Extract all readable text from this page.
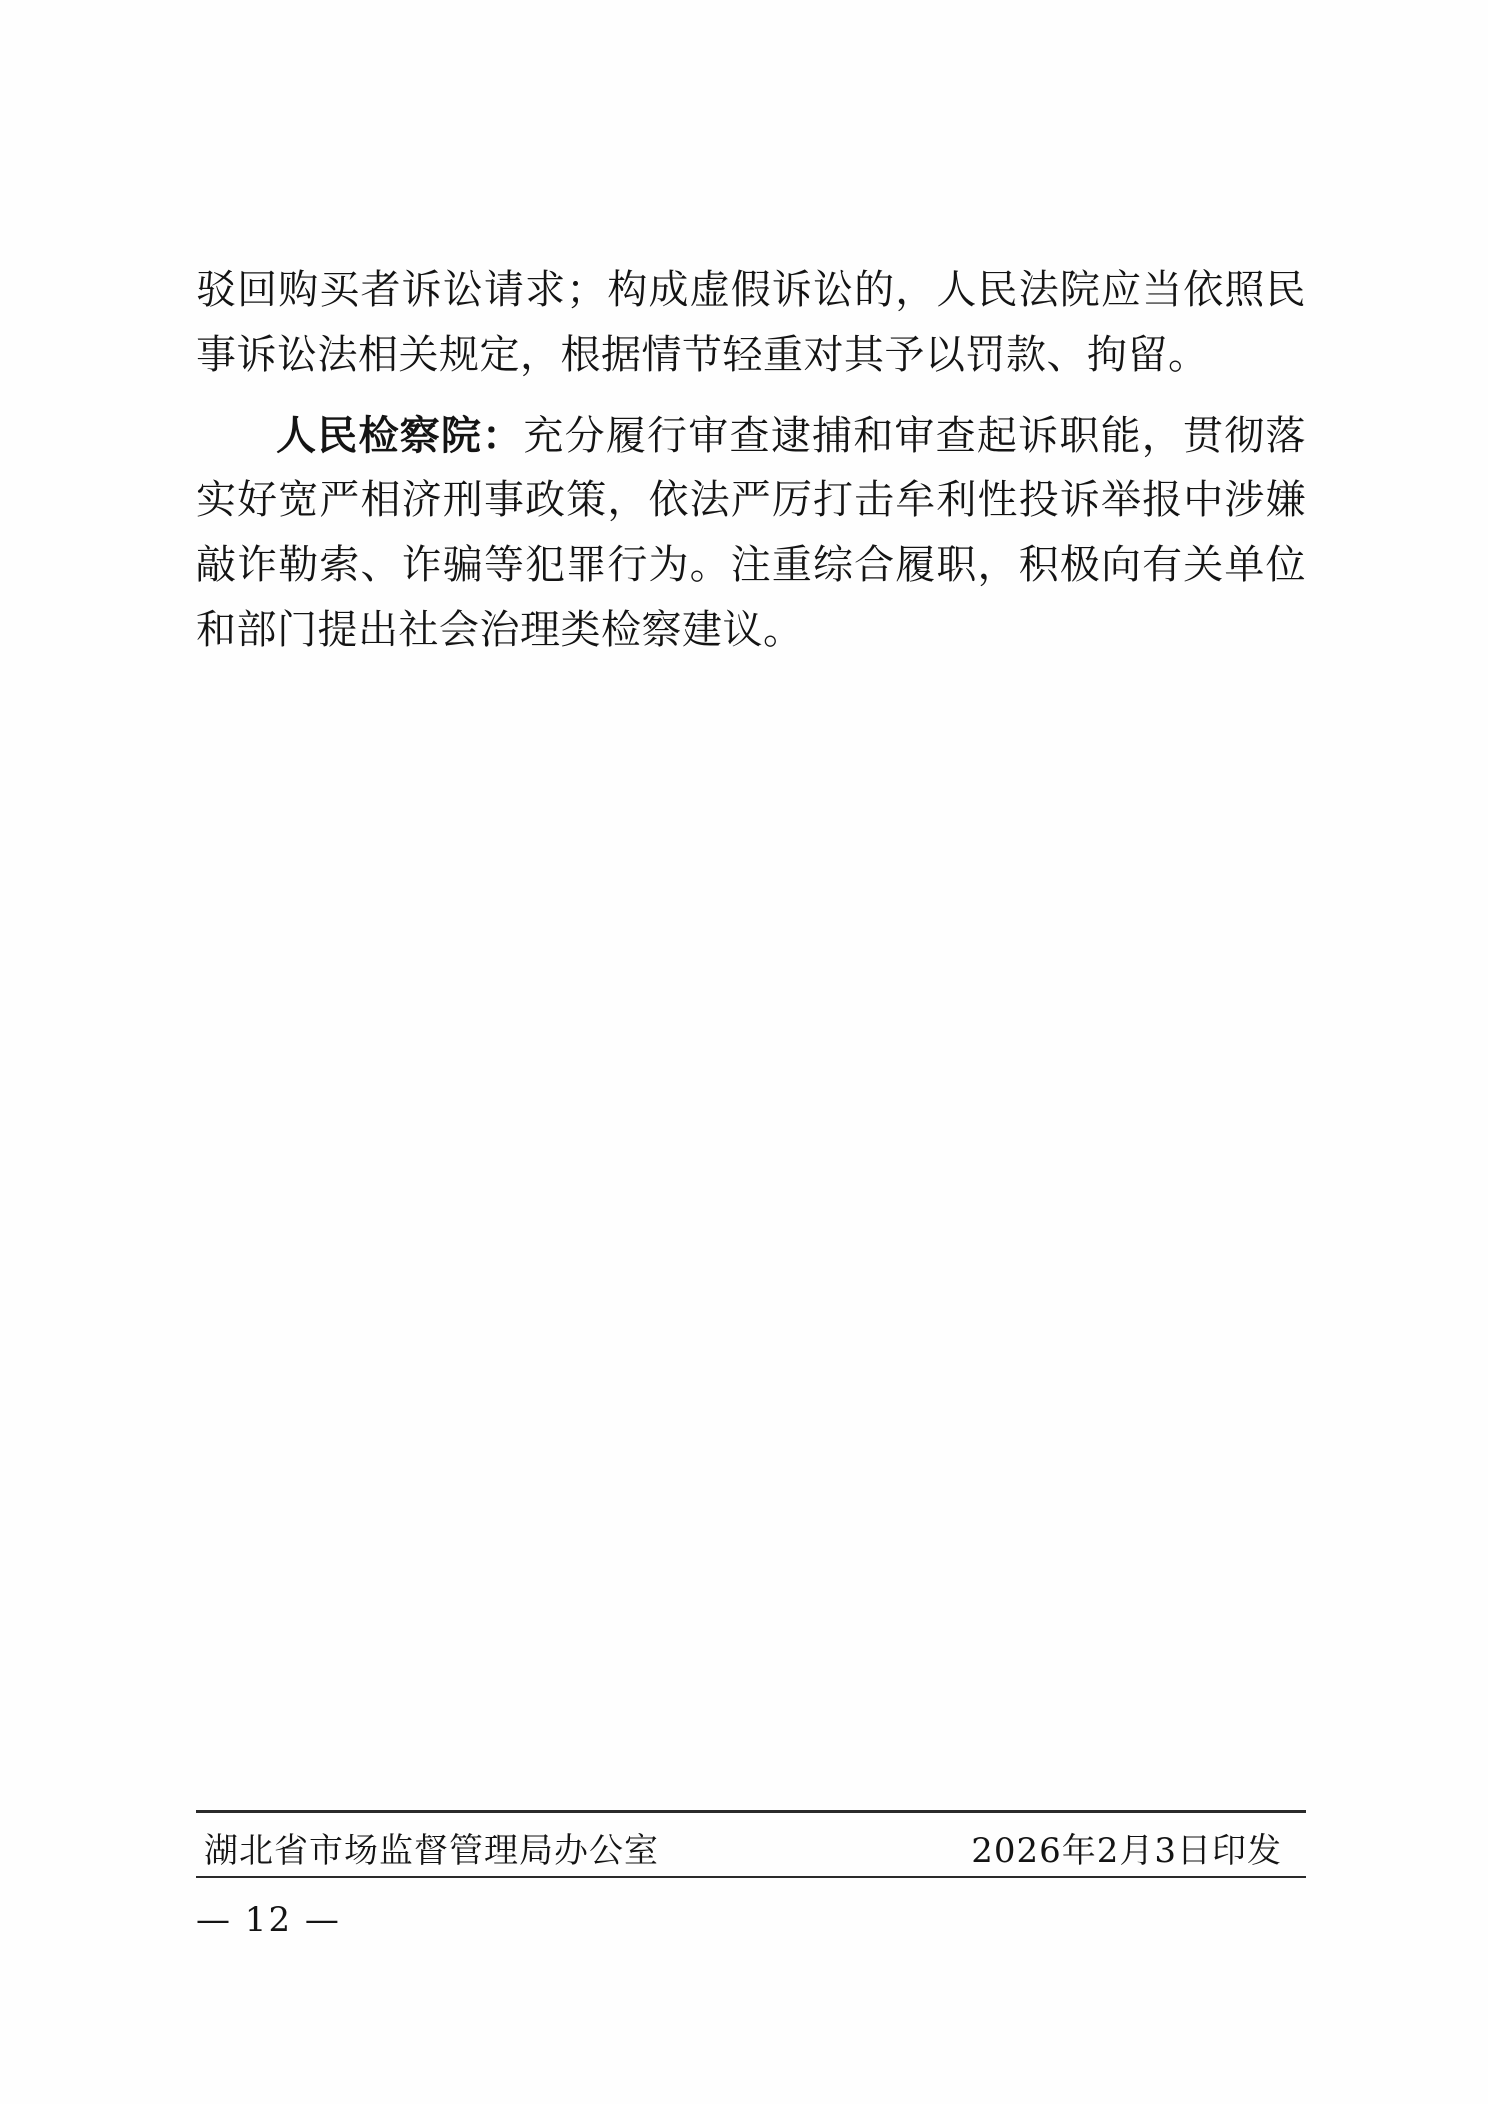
驳回购买者诉讼请求；构成虚假诉讼的，人民法院应当依照民事诉讼法相关规定，根据情节轻重对其予以罚款、拘留。

人民检察院：充分履行审查逮捕和审查起诉职能，贯彻落实好宽严相济刑事政策，依法严厉打击牟利性投诉举报中涉嫌敲诈勒索、诈骗等犯罪行为。注重综合履职，积极向有关单位和部门提出社会治理类检察建议。

湖北省市场监督管理局办公室	2026年2月3日印发
— 12 —
